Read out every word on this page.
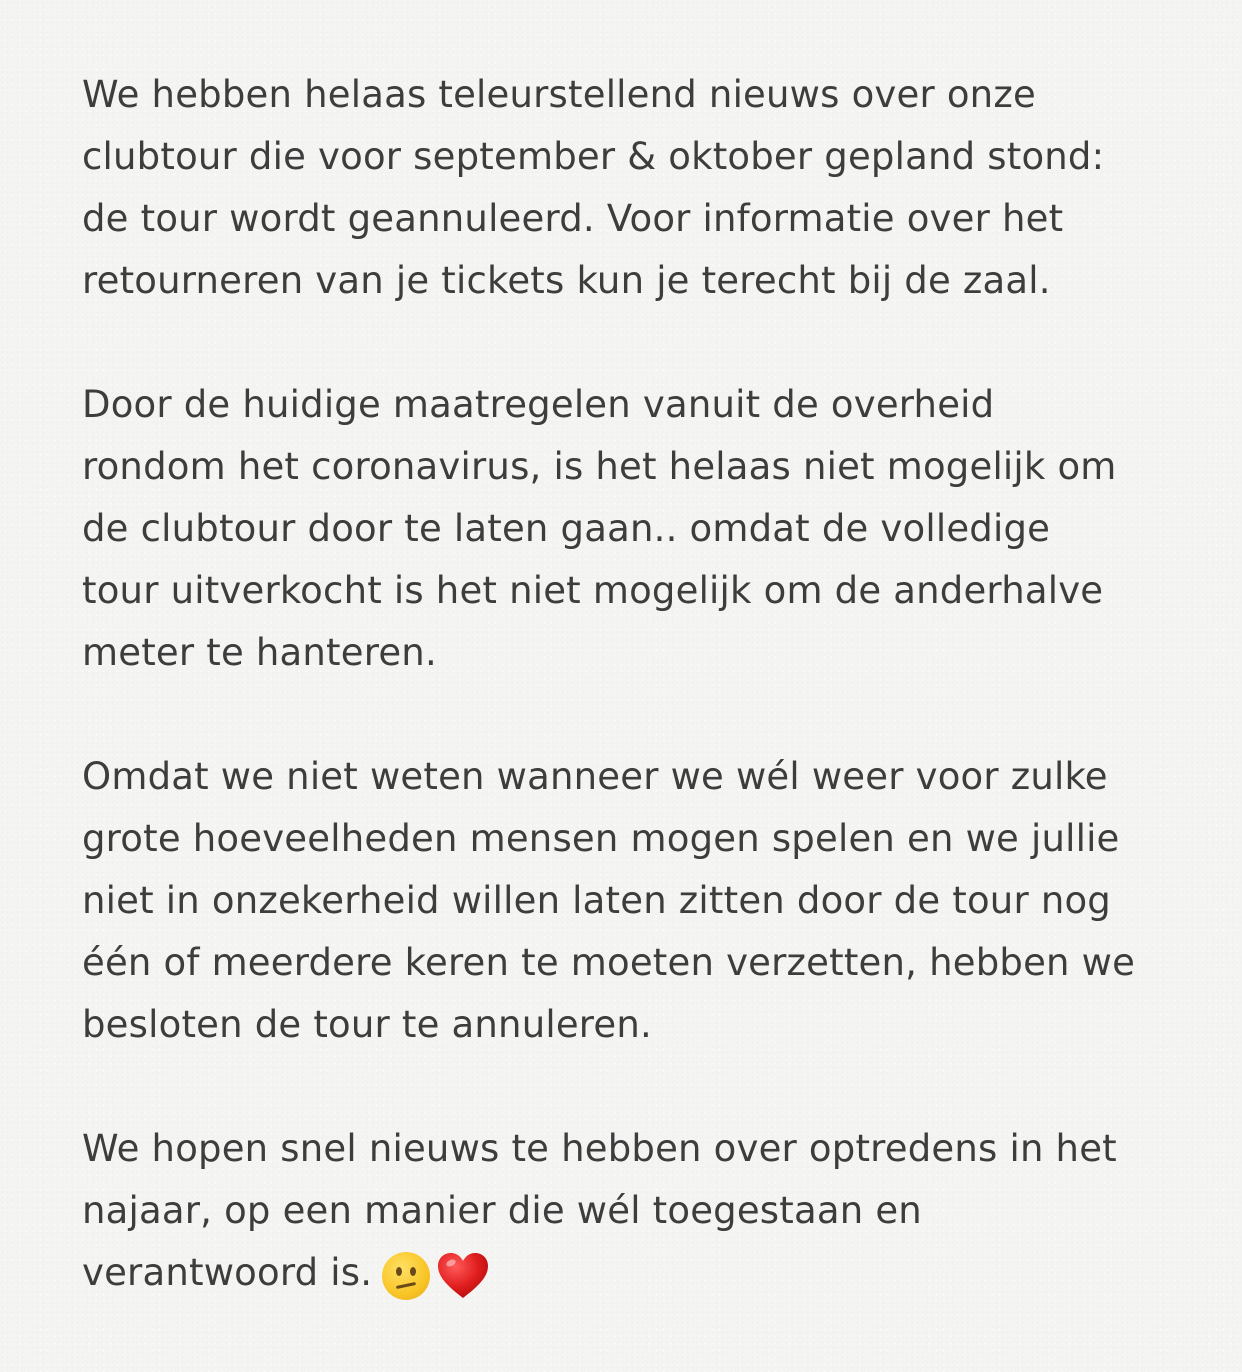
We hebben helaas teleurstellend nieuws over onze
clubtour die voor september & oktober gepland stond:
de tour wordt geannuleerd. Voor informatie over het
retourneren van je tickets kun je terecht bij de zaal.

Door de huidige maatregelen vanuit de overheid
rondom het coronavirus, is het helaas niet mogelijk om
de clubtour door te laten gaan.. omdat de volledige
tour uitverkocht is het niet mogelijk om de anderhalve
meter te hanteren.

Omdat we niet weten wanneer we wél weer voor zulke
grote hoeveelheden mensen mogen spelen en we jullie
niet in onzekerheid willen laten zitten door de tour nog
één of meerdere keren te moeten verzetten, hebben we
besloten de tour te annuleren.

We hopen snel nieuws te hebben over optredens in het
najaar, op een manier die wél toegestaan en
verantwoord is.
